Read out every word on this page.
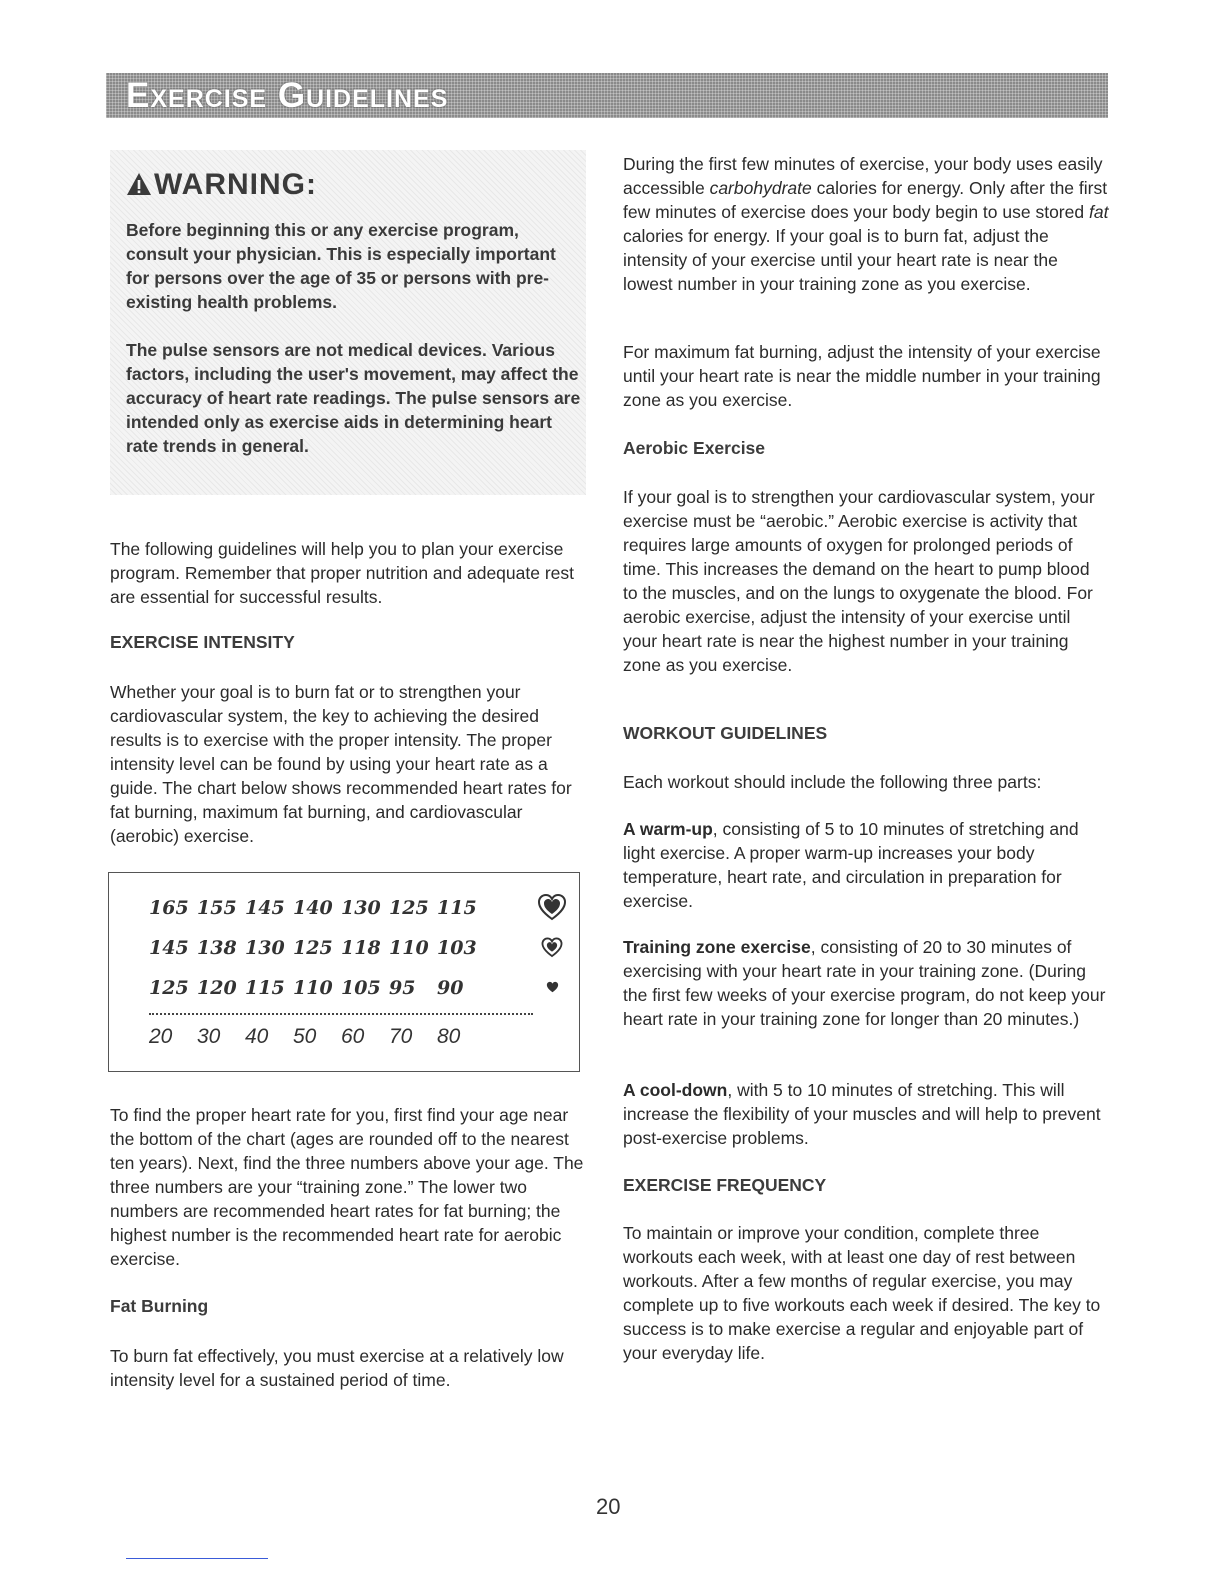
Exercise Guidelines
WARNING:
Before beginning this or any exercise program, consult your physician. This is especially important for persons over the age of 35 or persons with pre-existing health problems.
The pulse sensors are not medical devices. Various factors, including the user's movement, may affect the accuracy of heart rate readings. The pulse sensors are intended only as exercise aids in determining heart rate trends in general.

The following guidelines will help you to plan your exercise program. Remember that proper nutrition and adequate rest are essential for successful results.

EXERCISE INTENSITY

Whether your goal is to burn fat or to strengthen your cardiovascular system, the key to achieving the desired results is to exercise with the proper intensity. The proper intensity level can be found by using your heart rate as a guide. The chart below shows recommended heart rates for fat burning, maximum fat burning, and cardiovascular (aerobic) exercise.

165 155 145 140 130 125 115
145 138 130 125 118 110 103
125 120 115 110 105 95 90
20 30 40 50 60 70 80

To find the proper heart rate for you, first find your age near the bottom of the chart (ages are rounded off to the nearest ten years). Next, find the three numbers above your age. The three numbers are your “training zone.” The lower two numbers are recommended heart rates for fat burning; the highest number is the recommended heart rate for aerobic exercise.

Fat Burning

To burn fat effectively, you must exercise at a relatively low intensity level for a sustained period of time.

During the first few minutes of exercise, your body uses easily accessible carbohydrate calories for energy. Only after the first few minutes of exercise does your body begin to use stored fat calories for energy. If your goal is to burn fat, adjust the intensity of your exercise until your heart rate is near the lowest number in your training zone as you exercise.

For maximum fat burning, adjust the intensity of your exercise until your heart rate is near the middle number in your training zone as you exercise.

Aerobic Exercise

If your goal is to strengthen your cardiovascular system, your exercise must be “aerobic.” Aerobic exercise is activity that requires large amounts of oxygen for prolonged periods of time. This increases the demand on the heart to pump blood to the muscles, and on the lungs to oxygenate the blood. For aerobic exercise, adjust the intensity of your exercise until your heart rate is near the highest number in your training zone as you exercise.

WORKOUT GUIDELINES

Each workout should include the following three parts:

A warm-up, consisting of 5 to 10 minutes of stretching and light exercise. A proper warm-up increases your body temperature, heart rate, and circulation in preparation for exercise.

Training zone exercise, consisting of 20 to 30 minutes of exercising with your heart rate in your training zone. (During the first few weeks of your exercise program, do not keep your heart rate in your training zone for longer than 20 minutes.)

A cool-down, with 5 to 10 minutes of stretching. This will increase the flexibility of your muscles and will help to prevent post-exercise problems.

EXERCISE FREQUENCY

To maintain or improve your condition, complete three workouts each week, with at least one day of rest between workouts. After a few months of regular exercise, you may complete up to five workouts each week if desired. The key to success is to make exercise a regular and enjoyable part of your everyday life.

20
